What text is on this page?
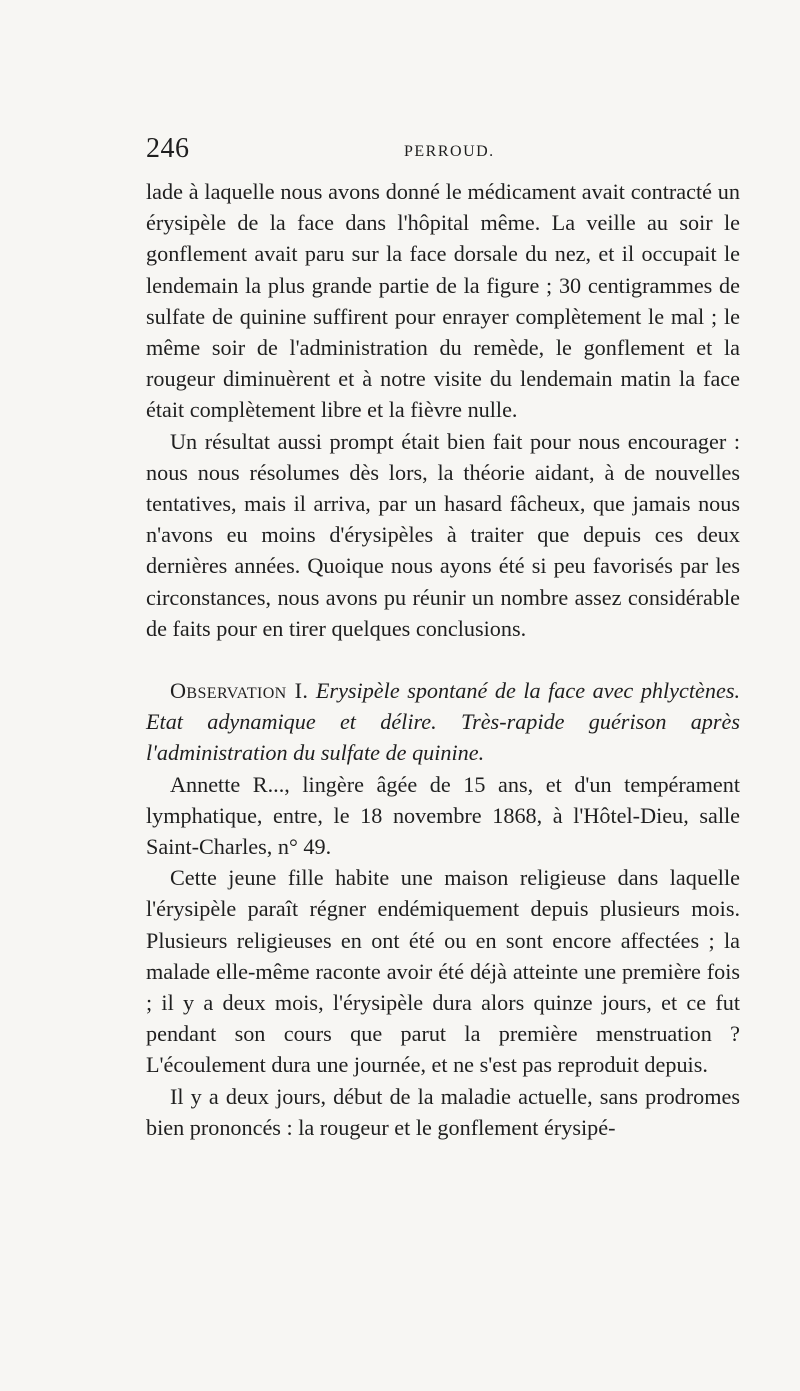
246	PERROUD.

lade à laquelle nous avons donné le médicament avait contracté un érysipèle de la face dans l'hôpital même. La veille au soir le gonflement avait paru sur la face dorsale du nez, et il occupait le lendemain la plus grande partie de la figure ; 30 centigrammes de sulfate de quinine suffirent pour enrayer complètement le mal ; le même soir de l'administration du remède, le gonflement et la rougeur diminuèrent et à notre visite du lendemain matin la face était complètement libre et la fièvre nulle.

Un résultat aussi prompt était bien fait pour nous encourager : nous nous résolumes dès lors, la théorie aidant, à de nouvelles tentatives, mais il arriva, par un hasard fâcheux, que jamais nous n'avons eu moins d'érysipèles à traiter que depuis ces deux dernières années. Quoique nous ayons été si peu favorisés par les circonstances, nous avons pu réunir un nombre assez considérable de faits pour en tirer quelques conclusions.

Observation I. Erysipèle spontané de la face avec phlyctènes. Etat adynamique et délire. Très-rapide guérison après l'administration du sulfate de quinine.

Annette R..., lingère âgée de 15 ans, et d'un tempérament lymphatique, entre, le 18 novembre 1868, à l'Hôtel-Dieu, salle Saint-Charles, n° 49.

Cette jeune fille habite une maison religieuse dans laquelle l'érysipèle paraît régner endémiquement depuis plusieurs mois. Plusieurs religieuses en ont été ou en sont encore affectées ; la malade elle-même raconte avoir été déjà atteinte une première fois ; il y a deux mois, l'érysipèle dura alors quinze jours, et ce fut pendant son cours que parut la première menstruation ? L'écoulement dura une journée, et ne s'est pas reproduit depuis.

Il y a deux jours, début de la maladie actuelle, sans prodromes bien prononcés : la rougeur et le gonflement érysipé-
